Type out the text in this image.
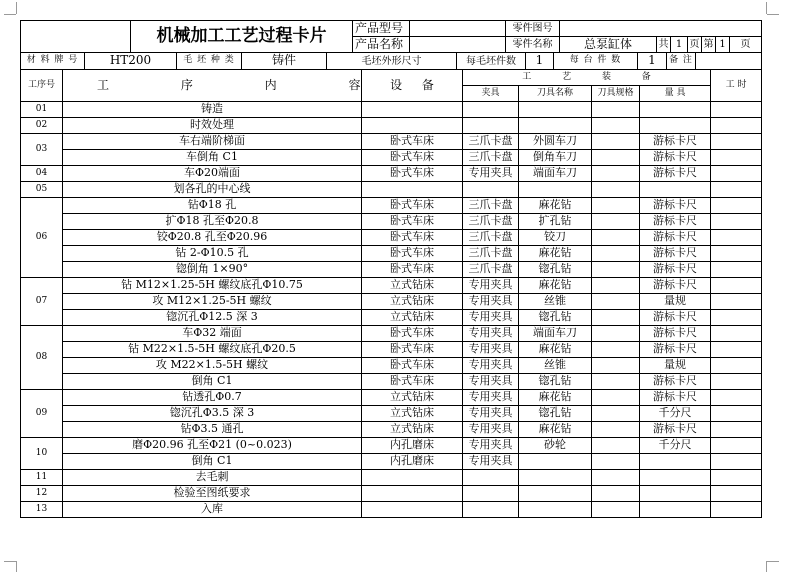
	机械加工工艺过程卡片	产品型号		零件图号							
		产品名称		零件名称	总泵缸体	共	1	页	第	1	页
材 料 牌 号	HT200	毛 坯 种 类	铸件	毛坯外形尺寸	每毛坯件数	1	每 台 件 数	1	备 注	
工序号	工 序 内 容	设 备	工 艺 装 备				工 时
			夹具	刀具名称	刀具规格	量 具	
01	铸造						
02	时效处理						
03	车右端阶梯面	卧式车床	三爪卡盘	外圆车刀		游标卡尺	
	车倒角 C1	卧式车床	三爪卡盘	倒角车刀		游标卡尺	
04	车Φ20端面	卧式车床	专用夹具	端面车刀		游标卡尺	
05	划各孔的中心线						
06	钻Φ18 孔	卧式车床	三爪卡盘	麻花钻		游标卡尺	
	扩Φ18 孔至Φ20.8	卧式车床	三爪卡盘	扩孔钻		游标卡尺	
	铰Φ20.8 孔至Φ20.96	卧式车床	三爪卡盘	铰刀		游标卡尺	
	钻 2-Φ10.5 孔	卧式车床	三爪卡盘	麻花钻		游标卡尺	
	锪倒角 1×90°	卧式车床	三爪卡盘	锪孔钻		游标卡尺	
07	钻 M12×1.25-5H 螺纹底孔Φ10.75	立式钻床	专用夹具	麻花钻		游标卡尺	
	攻 M12×1.25-5H 螺纹	立式钻床	专用夹具	丝锥		量规	
	锪沉孔Φ12.5 深 3	立式钻床	专用夹具	锪孔钻		游标卡尺	
08	车Φ32 端面	卧式车床	专用夹具	端面车刀		游标卡尺	
	钻 M22×1.5-5H 螺纹底孔Φ20.5	卧式车床	专用夹具	麻花钻		游标卡尺	
	攻 M22×1.5-5H 螺纹	卧式车床	专用夹具	丝锥		量规	
	倒角 C1	卧式车床	专用夹具	锪孔钻		游标卡尺	
09	钻透孔Φ0.7	立式钻床	专用夹具	麻花钻		游标卡尺	
	锪沉孔Φ3.5 深 3	立式钻床	专用夹具	锪孔钻		千分尺	
	钻Φ3.5 通孔	立式钻床	专用夹具	麻花钻		游标卡尺	
10	磨Φ20.96 孔至Φ21 (0~0.023)	内孔磨床	专用夹具	砂轮		千分尺	
	倒角 C1	内孔磨床	专用夹具				
11	去毛刺						
12	检验至图纸要求						
13	入库						
